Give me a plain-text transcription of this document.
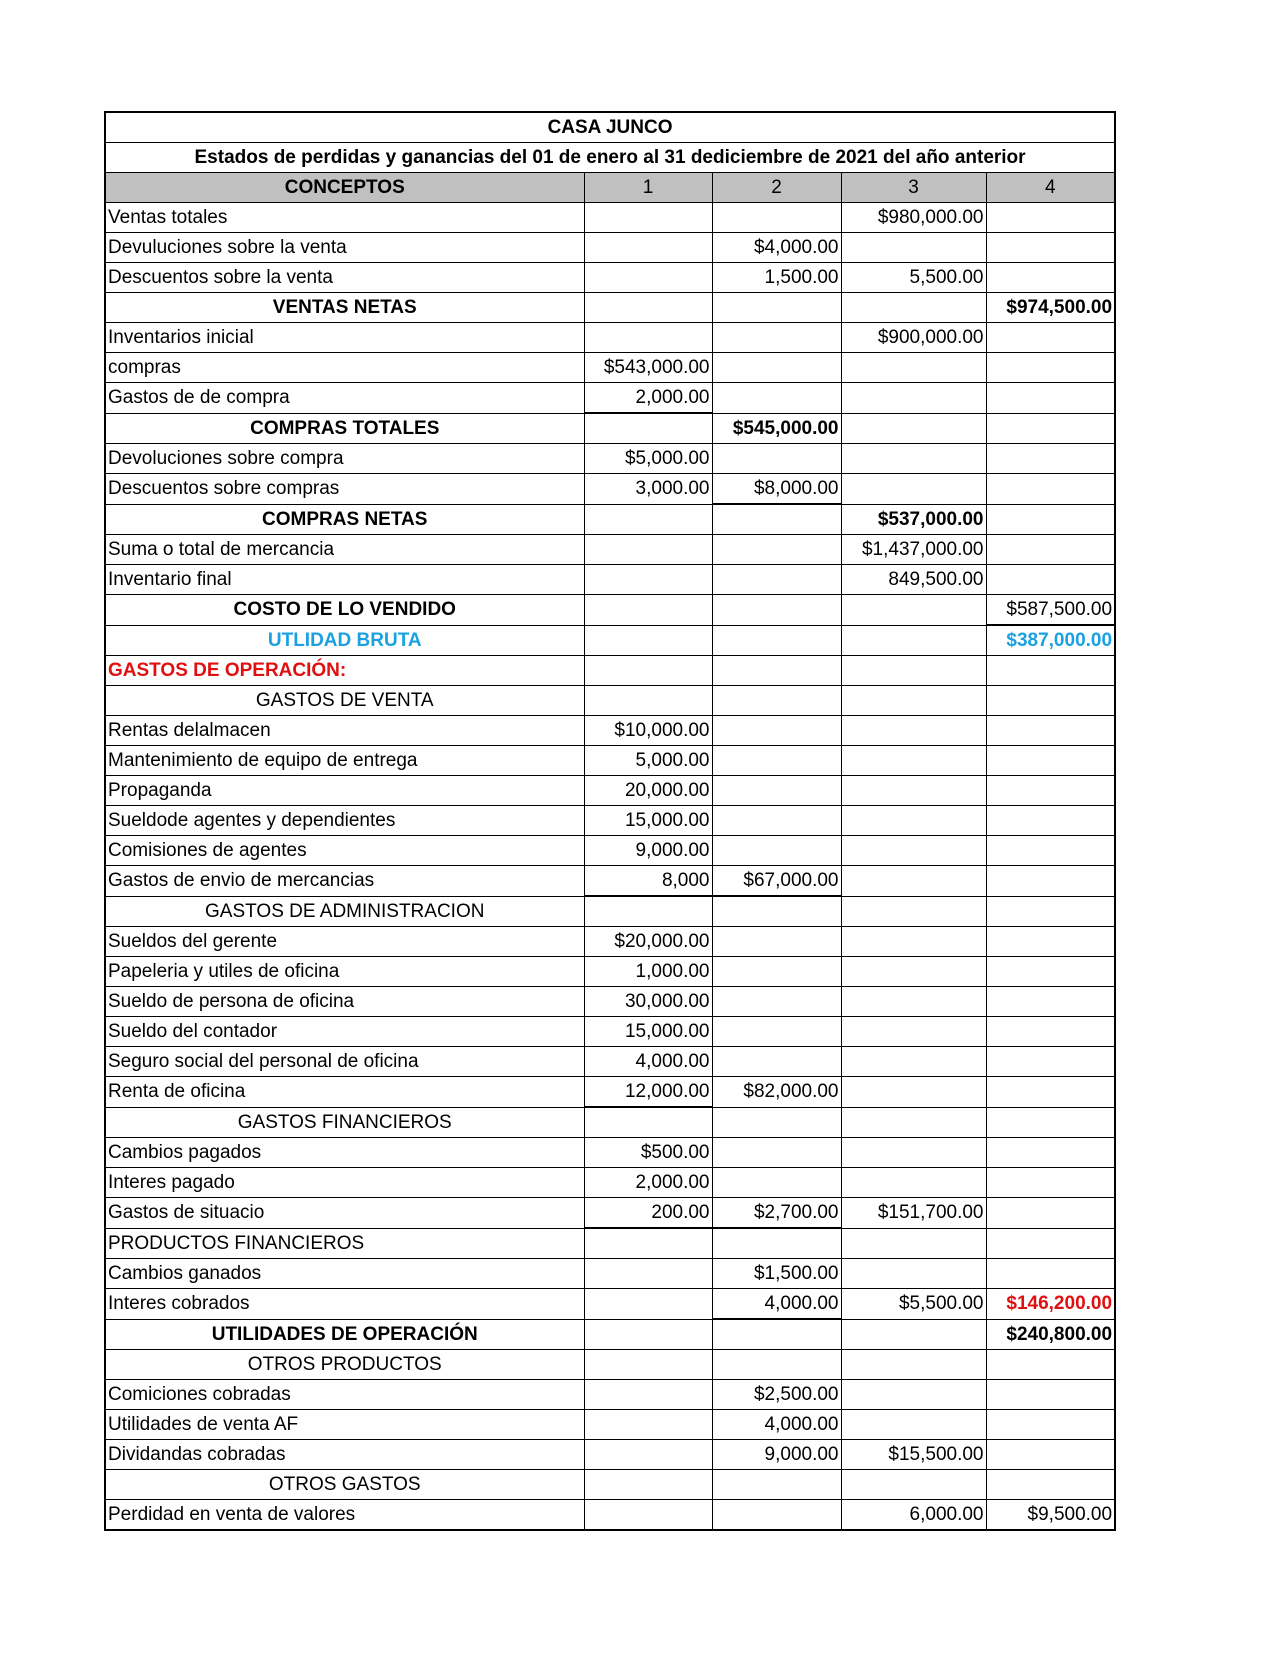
CASA JUNCO				
Estados de perdidas y ganancias del 01 de enero al 31 dediciembre de 2021 del año anterior				
CONCEPTOS	1	2	3	4
Ventas totales			$980,000.00	
Devuluciones sobre la venta		$4,000.00		
Descuentos sobre la venta		1,500.00	5,500.00	
VENTAS NETAS				$974,500.00
Inventarios inicial			$900,000.00	
compras	$543,000.00			
Gastos de de compra	2,000.00			
COMPRAS TOTALES		$545,000.00		
Devoluciones sobre compra	$5,000.00			
Descuentos sobre compras	3,000.00	$8,000.00		
COMPRAS NETAS			$537,000.00	
Suma o total de mercancia			$1,437,000.00	
Inventario final			849,500.00	
COSTO DE LO VENDIDO				$587,500.00
UTLIDAD BRUTA				$387,000.00
GASTOS DE OPERACIÓN:				
GASTOS DE VENTA				
Rentas delalmacen	$10,000.00			
Mantenimiento de equipo de entrega	5,000.00			
Propaganda	20,000.00			
Sueldode agentes y dependientes	15,000.00			
Comisiones de agentes	9,000.00			
Gastos de envio de mercancias	8,000	$67,000.00		
GASTOS DE ADMINISTRACION				
Sueldos del gerente	$20,000.00			
Papeleria y utiles de oficina	1,000.00			
Sueldo de persona de oficina	30,000.00			
Sueldo del contador	15,000.00			
Seguro social del personal de oficina	4,000.00			
Renta de oficina	12,000.00	$82,000.00		
GASTOS FINANCIEROS				
Cambios pagados	$500.00			
Interes pagado	2,000.00			
Gastos de situacio	200.00	$2,700.00	$151,700.00	
PRODUCTOS FINANCIEROS				
Cambios ganados		$1,500.00		
Interes cobrados		4,000.00	$5,500.00	$146,200.00
UTILIDADES DE OPERACIÓN				$240,800.00
OTROS PRODUCTOS				
Comiciones cobradas		$2,500.00		
Utilidades de venta AF		4,000.00		
Dividandas cobradas		9,000.00	$15,500.00	
OTROS GASTOS				
Perdidad en venta de valores			6,000.00	$9,500.00
